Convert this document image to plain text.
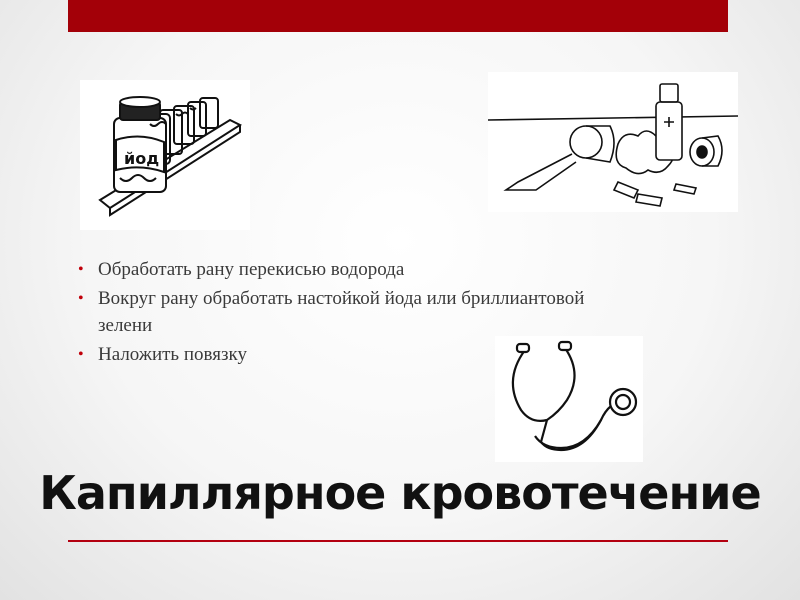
йод
• Обработать рану перекисью водорода
• Вокруг рану обработать настойкой йода или бриллиантовой зелени
• Наложить повязку
Капиллярное кровотечение
